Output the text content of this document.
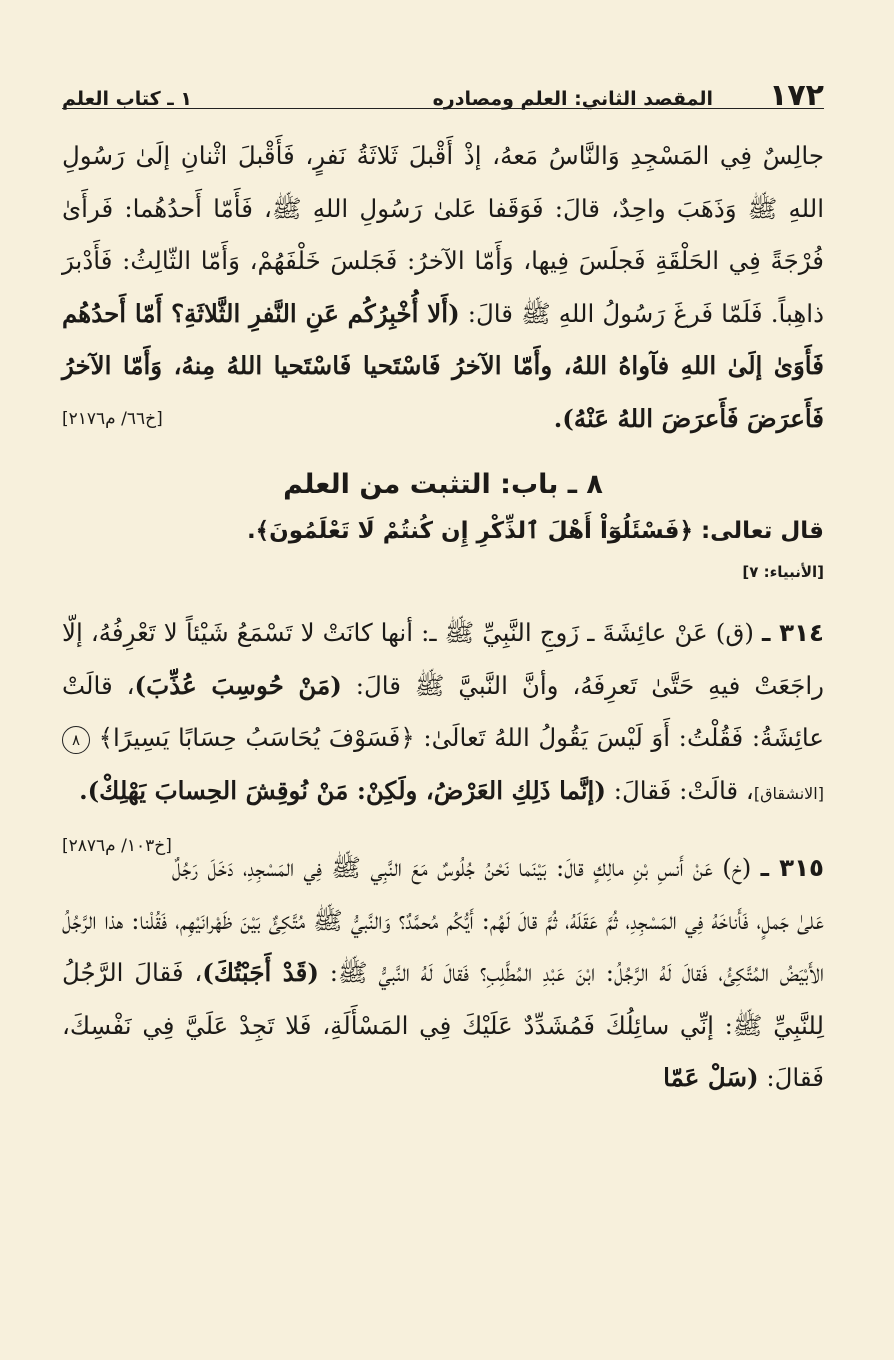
١٧٢
المقصد الثاني: العلم ومصادره
١ ـ كتاب العلم

جالِسٌ فِي المَسْجِدِ وَالنَّاسُ مَعهُ، إذْ أَقْبلَ ثَلاثَةُ نَفرٍ، فَأَقْبلَ اثْنانِ إلَىٰ رَسُولِ اللهِ ﷺ وَذَهَبَ واحِدٌ، قالَ: فَوَقَفا عَلىٰ رَسُولِ اللهِ ﷺ، فَأَمّا أَحدُهُما: فَرأَىٰ فُرْجَةً فِي الحَلْقَةِ فَجلَسَ فِيها، وَأَمّا الآخرُ: فَجَلسَ خَلْفَهُمْ، وَأَمّا الثّالِثُ: فَأَدْبرَ ذاهِباً. فَلَمّا فَرغَ رَسُولُ اللهِ ﷺ قالَ: (أَلا أُخْبِرُكُم عَنِ النَّفرِ الثَّلاثَةِ؟ أَمّا أَحدُهُم فَأَوَىٰ إلَىٰ اللهِ فآواهُ اللهُ، وأَمّا الآخرُ فَاسْتَحيا فَاسْتَحيا اللهُ مِنهُ، وَأَمّا الآخرُ فَأَعرَضَ فَأَعرَضَ اللهُ عَنْهُ).
[خ٦٦/ م٢١٧٦]

٨ ـ باب: التثبت من العلم
قال تعالى: ﴿فَسْئَلُوٓاْ أَهْلَ ٱلذِّكْرِ إِن كُنتُمْ لَا تَعْلَمُونَ﴾.
[الأنبياء: ٧]

٣١٤ ـ (ق) عَنْ عائِشَةَ ـ زَوجِ النَّبِيِّ ﷺ ـ: أنها كانَتْ لا تَسْمَعُ شَيْئاً لا تَعْرِفُهُ، إلّا راجَعَتْ فيهِ حَتَّىٰ تَعرِفَهُ، وأنَّ النَّبيَّ ﷺ قالَ: (مَنْ حُوسِبَ عُذِّبَ)، قالَتْ عائِشَةُ: فَقُلْتُ: أَوَ لَيْسَ يَقُولُ اللهُ تَعالَىٰ: ﴿فَسَوْفَ يُحَاسَبُ حِسَابًا يَسِيرًا﴾ ٨ [الانشقاق]، قالَتْ: فَقالَ: (إنَّما ذَلِكِ العَرْضُ، ولَكِنْ: مَنْ نُوقِشَ الحِسابَ يَهْلِكْ).
[خ١٠٣/ م٢٨٧٦]

٣١٥ ـ (خ) عَنْ أَنسِ بْنِ مالِكٍ قالَ: بَيْنَما نَحْنُ جُلُوسٌ مَعَ النَّبِي ﷺ فِي المَسْجِدِ، دَخَلَ رَجُلٌ عَلىٰ جَملٍ، فَأَناخَهُ فِي المَسْجِدِ، ثُمَّ عَقَلَهُ، ثُمَّ قالَ لَهُم: أَيُّكُم مُحمَّدٌ؟ وَالنَّبيُّ ﷺ مُتَّكِئٌ بَيْنَ ظَهْرانَيْهِم، فَقُلْنا: هذا الرَّجُلُ الأَبْيَضُ المُتَّكِئُ، فَقالَ لَهُ الرَّجُلُ: ابْنَ عَبْدِ المُطَّلِبِ؟ فَقالَ لَهُ النَّبيُّ ﷺ: (قَدْ أَجَبْتُكَ)، فَقالَ الرَّجُلُ لِلنَّبِيِّ ﷺ: إنِّي سائِلُكَ فَمُشَدِّدٌ عَلَيْكَ فِي المَسْأَلَةِ، فَلا تَجِدْ عَلَيَّ فِي نَفْسِكَ، فَقالَ: (سَلْ عَمّا
